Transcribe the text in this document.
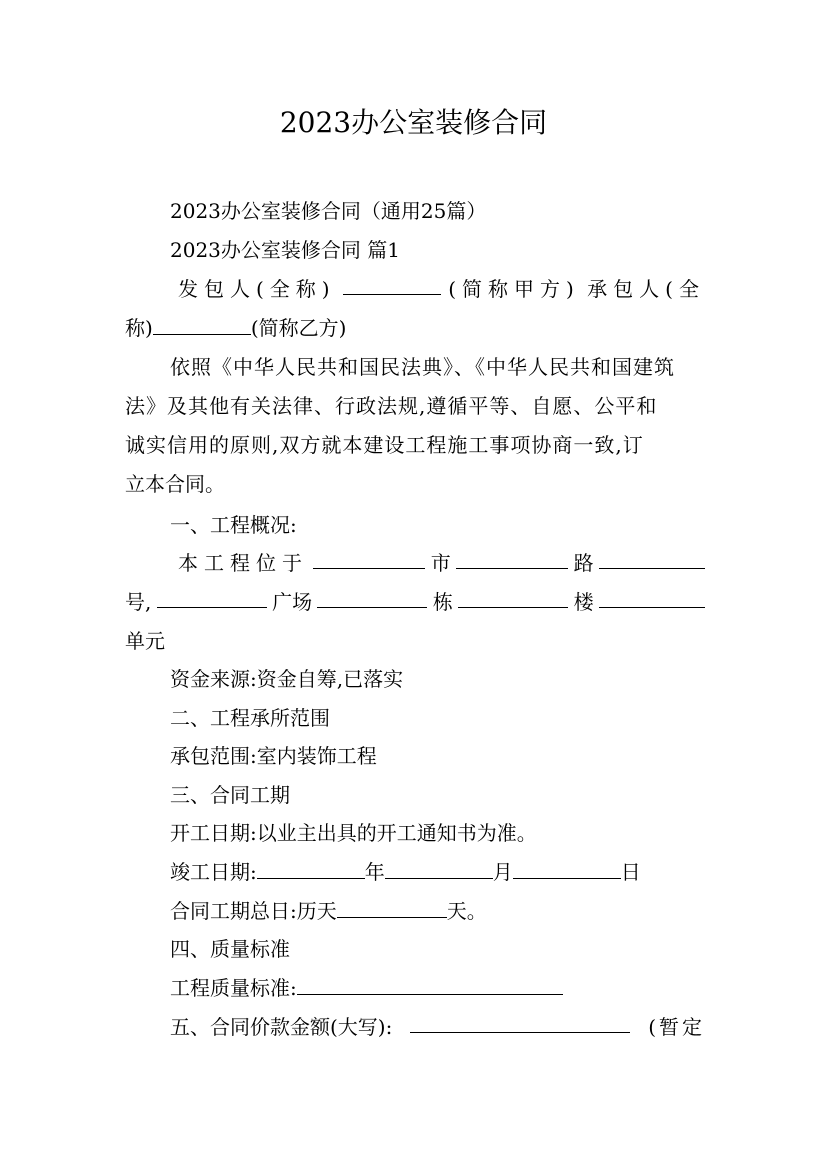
2023办公室装修合同
2023办公室装修合同（通用25篇）
2023办公室装修合同 篇1
发包人(全称)	(简称甲方) 承包人(全
称)	(简称乙方)
依照《中华人民共和国民法典》、《中华人民共和国建筑
法》及其他有关法律、行政法规,遵循平等、自愿、公平和
诚实信用的原则,双方就本建设工程施工事项协商一致,订
立本合同。
一、工程概况:
本工程位于	市	路
号,	广场	栋	楼
单元
资金来源:资金自筹,已落实
二、工程承所范围
承包范围:室内装饰工程
三、合同工期
开工日期:以业主出具的开工通知书为准。
竣工日期:	年	月	日
合同工期总日:历天	天。
四、质量标准
工程质量标准:
五、合同价款金额(大写):	(暂定
